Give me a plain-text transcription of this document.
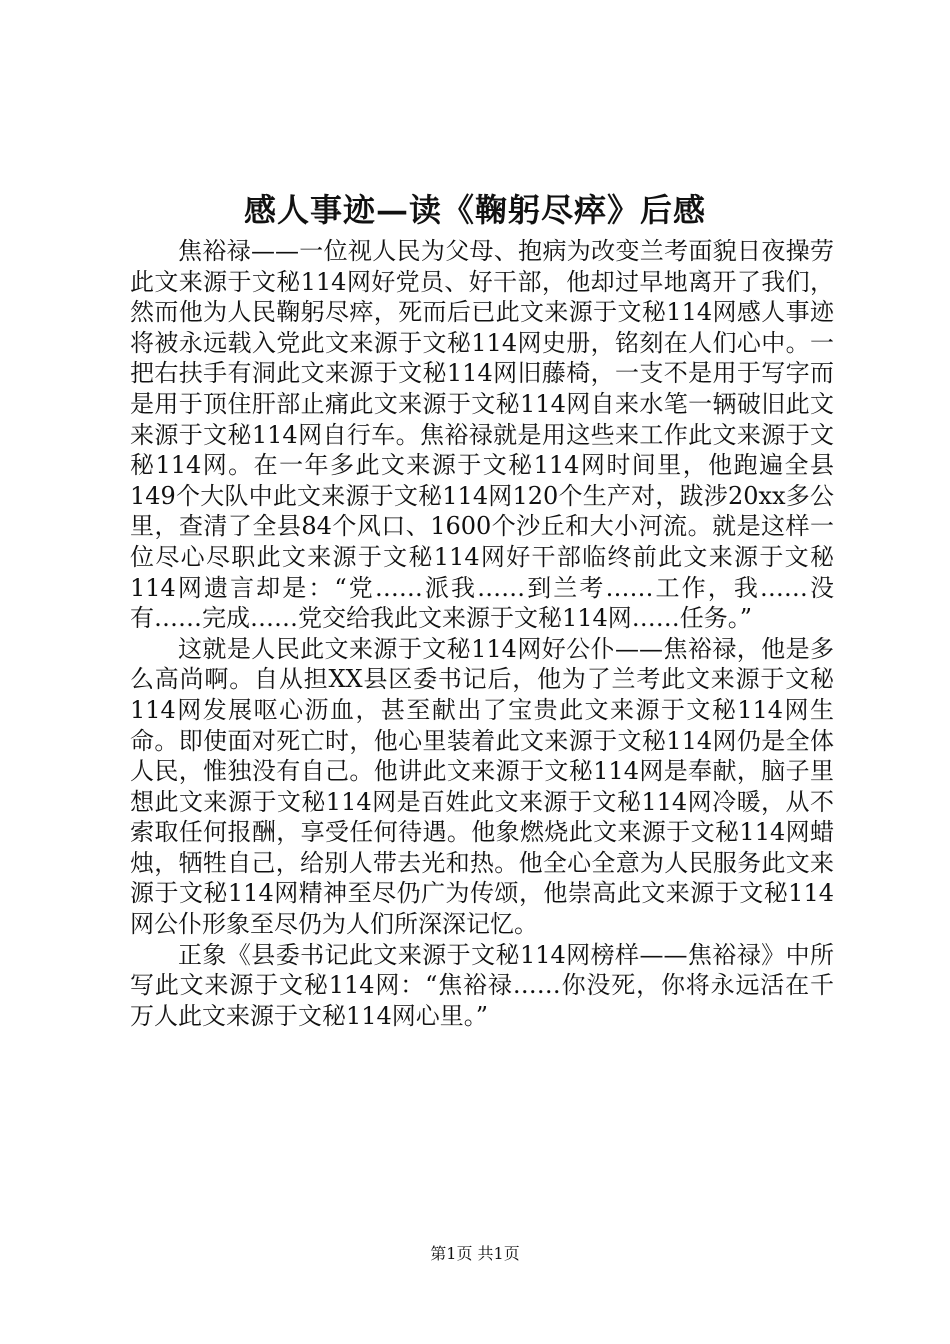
感人事迹—读《鞠躬尽瘁》后感

焦裕禄——一位视人民为父母、抱病为改变兰考面貌日夜操劳此文来源于文秘114网好党员、好干部，他却过早地离开了我们，然而他为人民鞠躬尽瘁，死而后已此文来源于文秘114网感人事迹将被永远载入党此文来源于文秘114网史册，铭刻在人们心中。一把右扶手有洞此文来源于文秘114网旧藤椅，一支不是用于写字而是用于顶住肝部止痛此文来源于文秘114网自来水笔一辆破旧此文来源于文秘114网自行车。焦裕禄就是用这些来工作此文来源于文秘114网。在一年多此文来源于文秘114网时间里，他跑遍全县149个大队中此文来源于文秘114网120个生产对，跋涉20xx多公里，查清了全县84个风口、1600个沙丘和大小河流。就是这样一位尽心尽职此文来源于文秘114网好干部临终前此文来源于文秘114网遗言却是：“党……派我……到兰考……工作，我……没有……完成……党交给我此文来源于文秘114网……任务。”

这就是人民此文来源于文秘114网好公仆——焦裕禄，他是多么高尚啊。自从担XX县区委书记后，他为了兰考此文来源于文秘114网发展呕心沥血，甚至献出了宝贵此文来源于文秘114网生命。即使面对死亡时，他心里装着此文来源于文秘114网仍是全体人民，惟独没有自己。他讲此文来源于文秘114网是奉献，脑子里想此文来源于文秘114网是百姓此文来源于文秘114网冷暖，从不索取任何报酬，享受任何待遇。他象燃烧此文来源于文秘114网蜡烛，牺牲自己，给别人带去光和热。他全心全意为人民服务此文来源于文秘114网精神至尽仍广为传颂，他崇高此文来源于文秘114网公仆形象至尽仍为人们所深深记忆。

正象《县委书记此文来源于文秘114网榜样——焦裕禄》中所写此文来源于文秘114网：“焦裕禄……你没死，你将永远活在千万人此文来源于文秘114网心里。”

第1页 共1页
